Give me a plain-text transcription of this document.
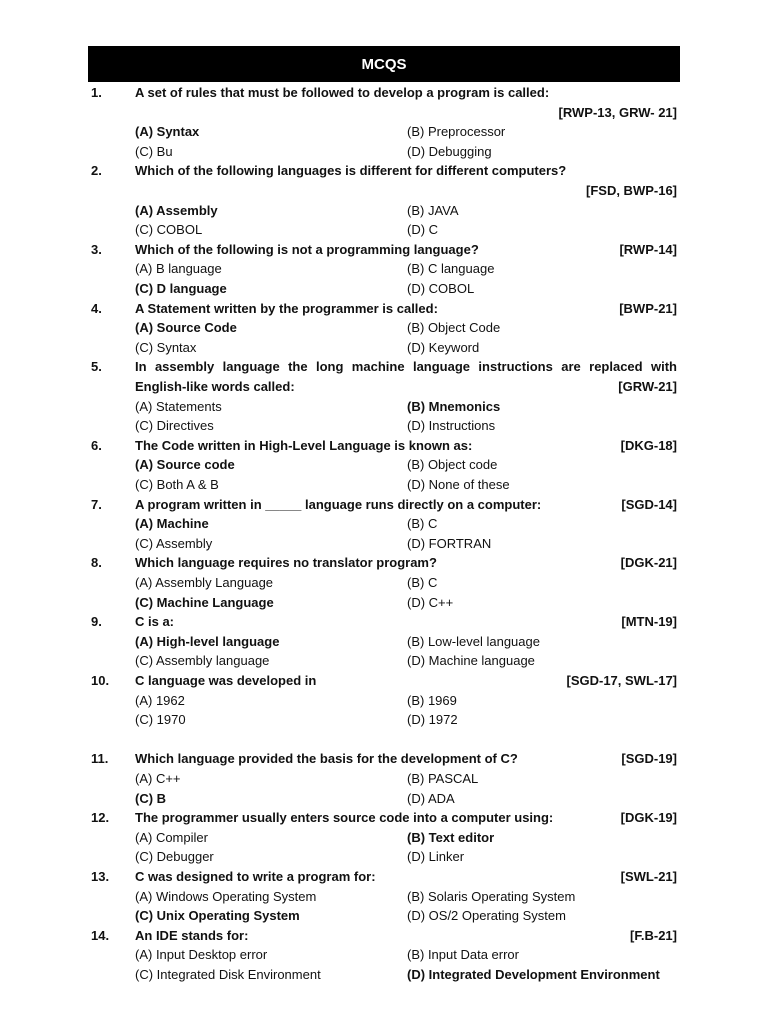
MCQS
1.	A set of rules that must be followed to develop a program is called:
[RWP-13, GRW- 21]
(A) Syntax	(B) Preprocessor
(C) Bu	(D) Debugging
2.	Which of the following languages is different for different computers?
[FSD, BWP-16]
(A) Assembly	(B) JAVA
(C) COBOL	(D) C
3.	Which of the following is not a programming language?	[RWP-14]
(A) B language	(B) C language
(C) D language	(D) COBOL
4.	A Statement written by the programmer is called:	[BWP-21]
(A) Source Code	(B) Object Code
(C) Syntax	(D) Keyword
5.	In assembly language the long machine language instructions are replaced with
English-like words called:	[GRW-21]
(A) Statements	(B) Mnemonics
(C) Directives	(D) Instructions
6.	The Code written in High-Level Language is known as:	[DKG-18]
(A) Source code	(B) Object code
(C) Both A & B	(D) None of these
7.	A program written in _____ language runs directly on a computer:	[SGD-14]
(A) Machine	(B) C
(C) Assembly	(D) FORTRAN
8.	Which language requires no translator program?	[DGK-21]
(A) Assembly Language	(B) C
(C) Machine Language	(D) C++
9.	C is a:	[MTN-19]
(A) High-level language	(B) Low-level language
(C) Assembly language	(D) Machine language
10. C language was developed in	[SGD-17, SWL-17]
(A) 1962	(B) 1969
(C) 1970	(D) 1972
11. Which language provided the basis for the development of C?	[SGD-19]
(A) C++	(B) PASCAL
(C) B	(D) ADA
12. The programmer usually enters source code into a computer using:	[DGK-19]
(A) Compiler	(B) Text editor
(C) Debugger	(D) Linker
13. C was designed to write a program for:	[SWL-21]
(A) Windows Operating System	(B) Solaris Operating System
(C) Unix Operating System	(D) OS/2 Operating System
14. An IDE stands for:	[F.B-21]
(A) Input Desktop error	(B) Input Data error
(C) Integrated Disk Environment	(D) Integrated Development Environment
